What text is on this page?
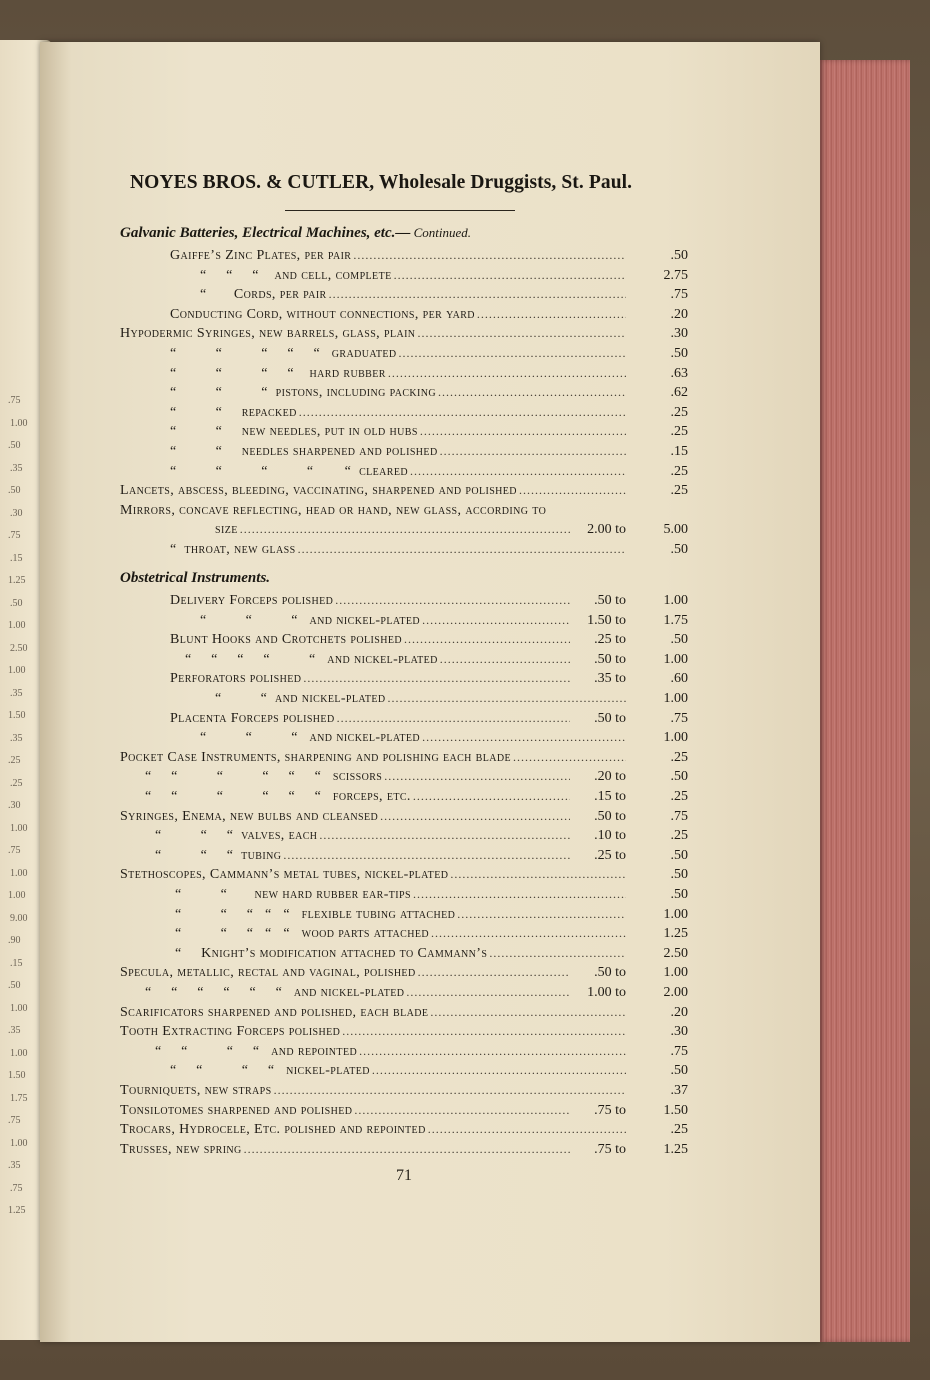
.75
1.00
.50
.35
.50
.30
.75
.15
1.25
.50
1.00
2.50
1.00
.35
1.50
.35
.25
.25
.30
1.00
.75
1.00
1.00
9.00
.90
.15
.50
1.00
.35
1.00
1.50
1.75
.75
1.00
.35
.75
1.25
NOYES BROS. & CUTLER, Wholesale Druggists, St. Paul.
Galvanic Batteries, Electrical Machines, etc.— Continued.
Gaiffe’s Zinc Plates, per pair .....	.50
“     “     “    and cell, complete .....	2.75
“       Cords, per pair .....	.75
Conducting Cord, without connections, per yard .....	.20
Hypodermic Syringes, new barrels, glass, plain .....	.30
“          “          “     “     “   graduated .....	.50
“          “          “     “    hard rubber .....	.63
“          “          “  pistons, including packing .....	.62
“          “     repacked .....	.25
“          “     new needles, put in old hubs .....	.25
“          “     needles sharpened and polished .....	.15
“          “          “          “        “  cleared .....	.25
Lancets, abscess, bleeding, vaccinating, sharpened and polished .....	.25
Mirrors, concave reflecting, head or hand, new glass, according to
size .....	2.00 to	5.00
“  throat, new glass .....	.50
Obstetrical Instruments.
Delivery Forceps polished .....	.50 to	1.00
“          “          “   and nickel-plated .....	1.50 to	1.75
Blunt Hooks and Crotchets polished .....	.25 to	.50
“     “     “     “          “   and nickel-plated .....	.50 to	1.00
Perforators polished .....	.35 to	.60
“          “  and nickel-plated .....	1.00
Placenta Forceps polished .....	.50 to	.75
“          “          “   and nickel-plated .....	1.00
Pocket Case Instruments, sharpening and polishing each blade .....	.25
“     “          “          “     “     “   scissors .....	.20 to	.50
“     “          “          “     “     “   forceps, etc. .....	.15 to	.25
Syringes, Enema, new bulbs and cleansed .....	.50 to	.75
“          “     “  valves, each .....	.10 to	.25
“          “     “  tubing .....	.25 to	.50
Stethoscopes, Cammann’s metal tubes, nickel-plated .....	.50
“          “       new hard rubber ear-tips .....	.50
“          “     “   “   “   flexible tubing attached .....	1.00
“          “     “   “   “   wood parts attached .....	1.25
“     Knight’s modification attached to Cammann’s .....	2.50
Specula, metallic, rectal and vaginal, polished .....	.50 to	1.00
“     “     “     “     “     “   and nickel-plated .....	1.00 to	2.00
Scarificators sharpened and polished, each blade .....	.20
Tooth Extracting Forceps polished .....	.30
“     “          “     “   and repointed .....	.75
“     “          “     “   nickel-plated .....	.50
Tourniquets, new straps .....	.37
Tonsilotomes sharpened and polished .....	.75 to	1.50
Trocars, Hydrocele, Etc. polished and repointed .....	.25
Trusses, new spring .....	.75 to	1.25
71
